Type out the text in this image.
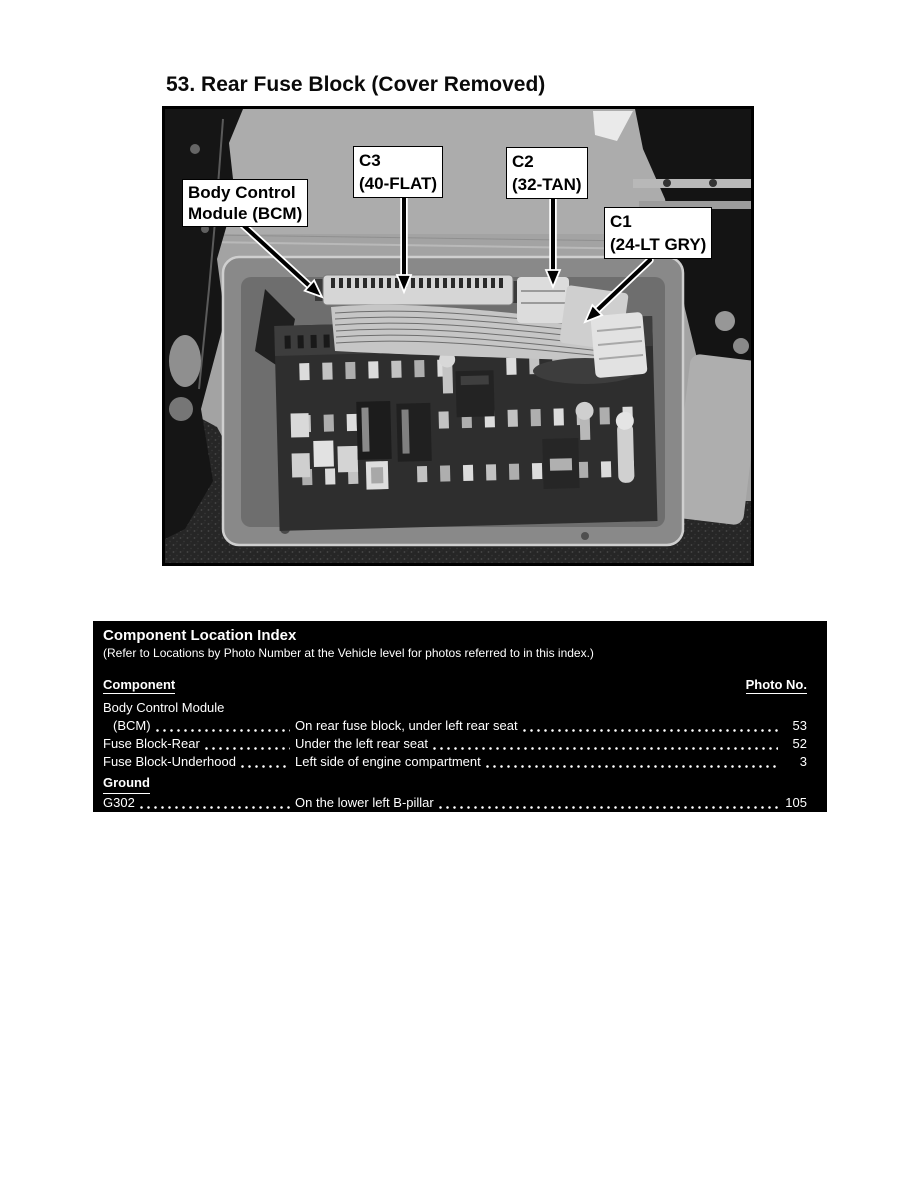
53. Rear Fuse Block (Cover Removed)
Body Control
Module (BCM)
C3
(40-FLAT)
C2
(32-TAN)
C1
(24-LT GRY)
Component Location Index
(Refer to Locations by Photo Number at the Vehicle level for photos referred to in this index.)
Component	Photo No.
Body Control Module
(BCM)	On rear fuse block, under left rear seat	53
Fuse Block-Rear	Under the left rear seat	52
Fuse Block-Underhood	Left side of engine compartment	3
Ground
G302	On the lower left B-pillar	105
